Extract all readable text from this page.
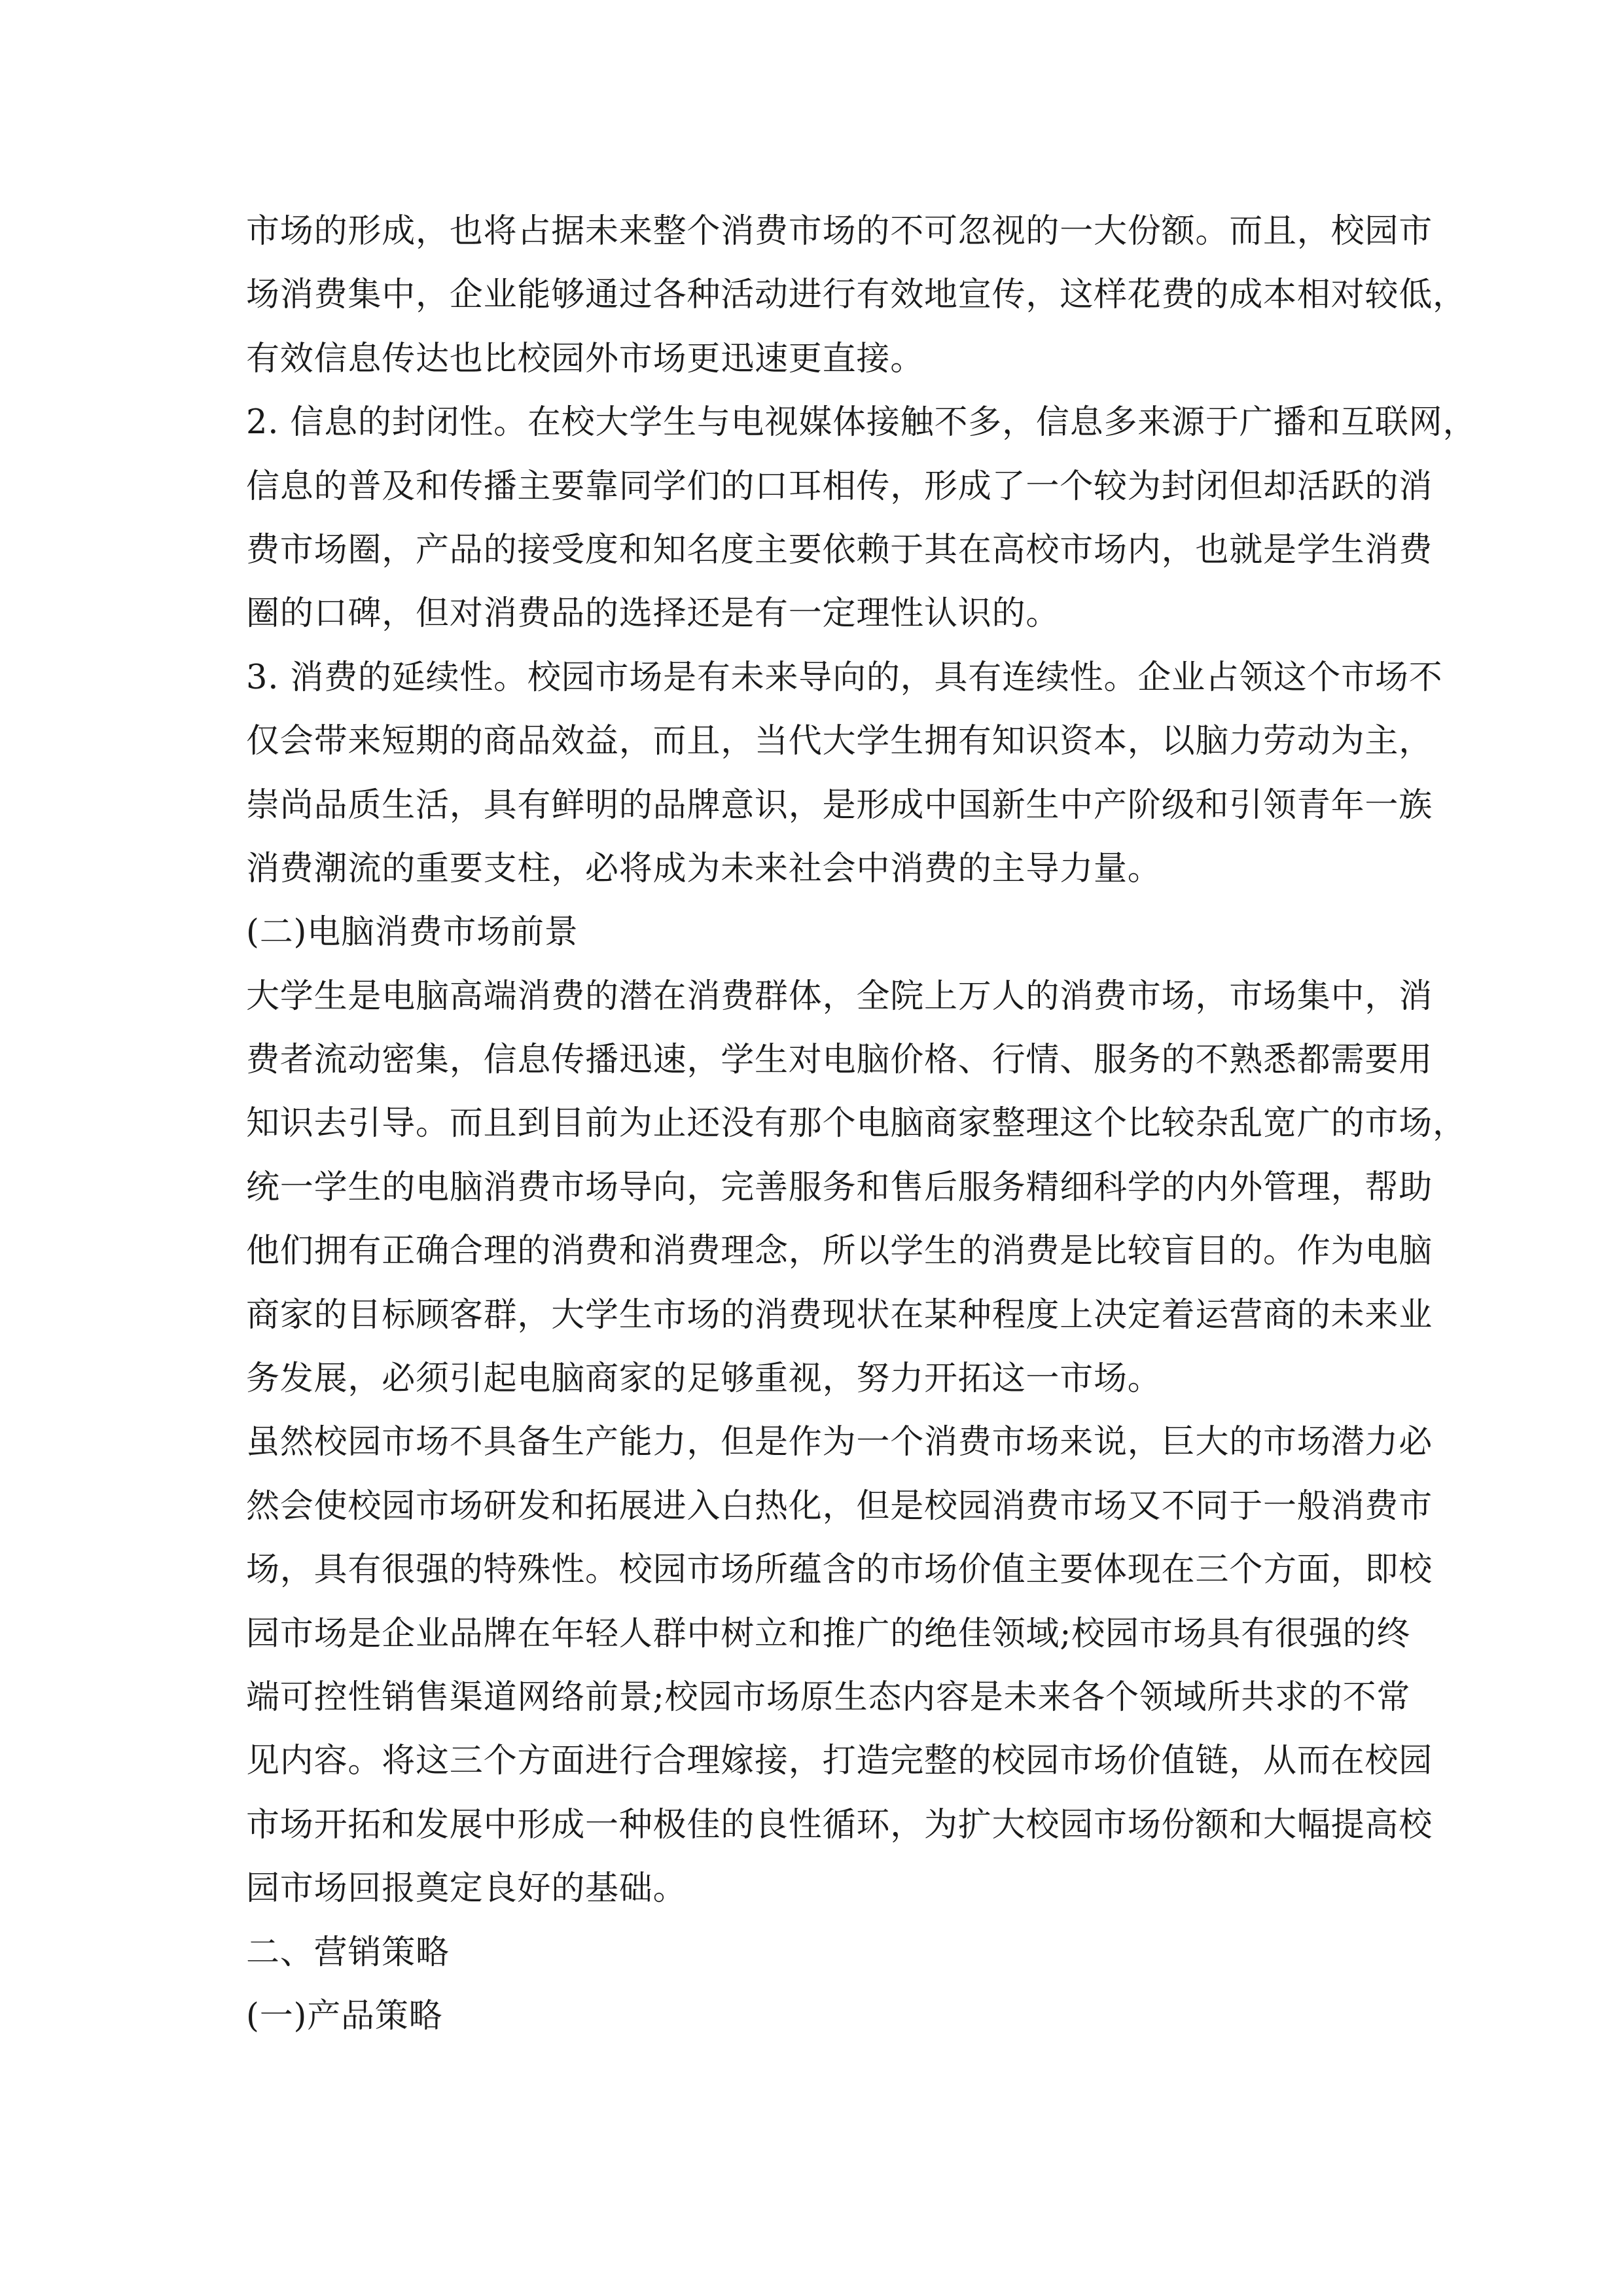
市场的形成，也将占据未来整个消费市场的不可忽视的一大份额。而且，校园市
场消费集中，企业能够通过各种活动进行有效地宣传，这样花费的成本相对较低，
有效信息传达也比校园外市场更迅速更直接。
2. 信息的封闭性。在校大学生与电视媒体接触不多，信息多来源于广播和互联网，
信息的普及和传播主要靠同学们的口耳相传，形成了一个较为封闭但却活跃的消
费市场圈，产品的接受度和知名度主要依赖于其在高校市场内，也就是学生消费
圈的口碑，但对消费品的选择还是有一定理性认识的。
3. 消费的延续性。校园市场是有未来导向的，具有连续性。企业占领这个市场不
仅会带来短期的商品效益，而且，当代大学生拥有知识资本，以脑力劳动为主，
崇尚品质生活，具有鲜明的品牌意识，是形成中国新生中产阶级和引领青年一族
消费潮流的重要支柱，必将成为未来社会中消费的主导力量。
(二)电脑消费市场前景
大学生是电脑高端消费的潜在消费群体，全院上万人的消费市场，市场集中，消
费者流动密集，信息传播迅速，学生对电脑价格、行情、服务的不熟悉都需要用
知识去引导。而且到目前为止还没有那个电脑商家整理这个比较杂乱宽广的市场，
统一学生的电脑消费市场导向，完善服务和售后服务精细科学的内外管理，帮助
他们拥有正确合理的消费和消费理念，所以学生的消费是比较盲目的。作为电脑
商家的目标顾客群，大学生市场的消费现状在某种程度上决定着运营商的未来业
务发展，必须引起电脑商家的足够重视，努力开拓这一市场。
虽然校园市场不具备生产能力，但是作为一个消费市场来说，巨大的市场潜力必
然会使校园市场研发和拓展进入白热化，但是校园消费市场又不同于一般消费市
场，具有很强的特殊性。校园市场所蕴含的市场价值主要体现在三个方面，即校
园市场是企业品牌在年轻人群中树立和推广的绝佳领域;校园市场具有很强的终
端可控性销售渠道网络前景;校园市场原生态内容是未来各个领域所共求的不常
见内容。将这三个方面进行合理嫁接，打造完整的校园市场价值链，从而在校园
市场开拓和发展中形成一种极佳的良性循环，为扩大校园市场份额和大幅提高校
园市场回报奠定良好的基础。
二、营销策略
(一)产品策略
